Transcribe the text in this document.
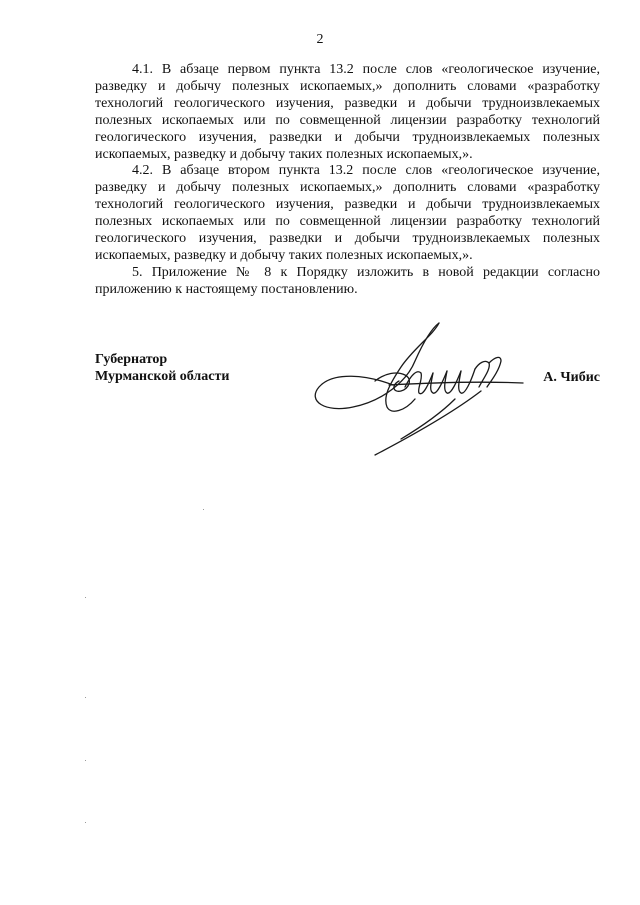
2

4.1. В абзаце первом пункта 13.2 после слов «геологическое изучение, разведку и добычу полезных ископаемых,» дополнить словами «разработку технологий геологического изучения, разведки и добычи трудноизвлекаемых полезных ископаемых или по совмещенной лицензии разработку технологий геологического изучения, разведки и добычи трудноизвлекаемых полезных ископаемых, разведку и добычу таких полезных ископаемых,».

4.2. В абзаце втором пункта 13.2 после слов «геологическое изучение, разведку и добычу полезных ископаемых,» дополнить словами «разработку технологий геологического изучения, разведки и добычи трудноизвлекаемых полезных ископаемых или по совмещенной лицензии разработку технологий геологического изучения, разведки и добычи трудноизвлекаемых полезных ископаемых, разведку и добычу таких полезных ископаемых,».

5. Приложение № 8 к Порядку изложить в новой редакции согласно приложению к настоящему постановлению.

Губернатор
Мурманской области	А. Чибис
